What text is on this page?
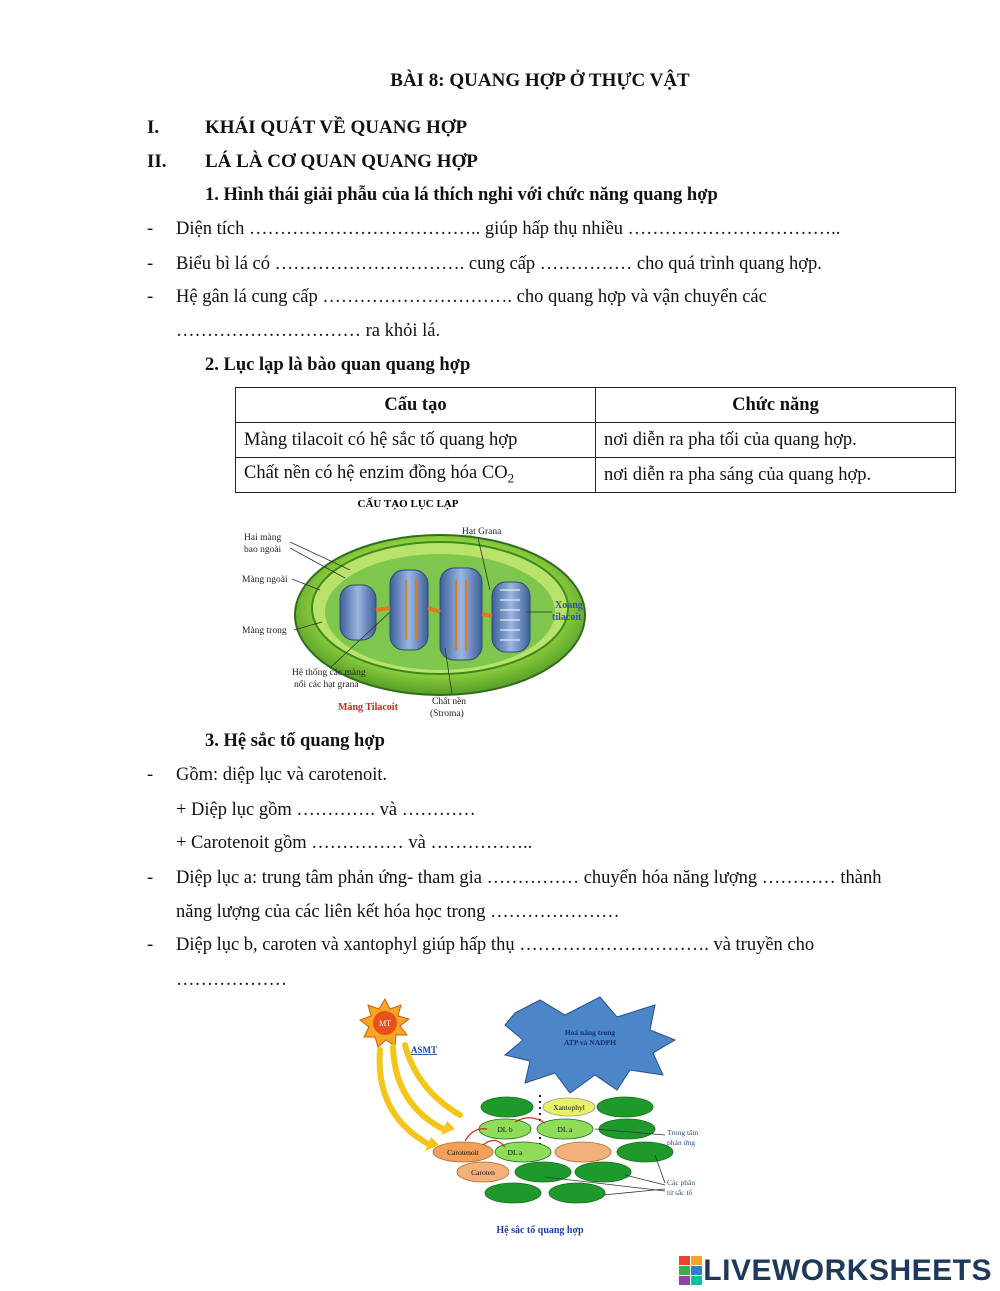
BÀI 8: QUANG HỢP Ở THỰC VẬT
I. KHÁI QUÁT VỀ QUANG HỢP
II. LÁ LÀ CƠ QUAN QUANG HỢP
1. Hình thái giải phẫu của lá thích nghi với chức năng quang hợp
- Diện tích ……………………………….. giúp hấp thụ nhiều ……………………………..
- Biểu bì lá có …………………………. cung cấp …………… cho quá trình quang hợp.
- Hệ gân lá cung cấp …………………………. cho quang hợp và vận chuyển các
………………………… ra khỏi lá.
2. Lục lạp là bào quan quang hợp
Cấu tạo	Chức năng
Màng tilacoit có hệ sắc tố quang hợp	nơi diễn ra pha tối của quang hợp.
Chất nền có hệ enzim đồng hóa $CO_2$	nơi diễn ra pha sáng của quang hợp.
CẤU TẠO LỤC LẠP
Hai màng
bao ngoài
Màng ngoài
Màng trong
Hệ thống các màng
nối các hạt grana
Hạt Grana
Chất nền
(Stroma)
Màng Tilacoit
Xoang
tilacoit
3. Hệ sắc tố quang hợp
- Gồm: diệp lục và carotenoit.
+ Diệp lục gồm …………. và …………
+ Carotenoit gồm …………… và ……………..
- Diệp lục a: trung tâm phản ứng- tham gia …………… chuyển hóa năng lượng ………… thành
năng lượng của các liên kết hóa học trong …………………
- Diệp lục b, caroten và xantophyl giúp hấp thụ …………………………. và truyền cho
………………
MT
ASMT
Hoá năng trong
ATP và NADPH
Xantophyl
DL b	DL a
Carotenoit	DL a
Caroten
Trung tâm
phản ứng
Các phân
tử sắc tố
Hệ sắc tố quang hợp
LIVEWORKSHEETS
